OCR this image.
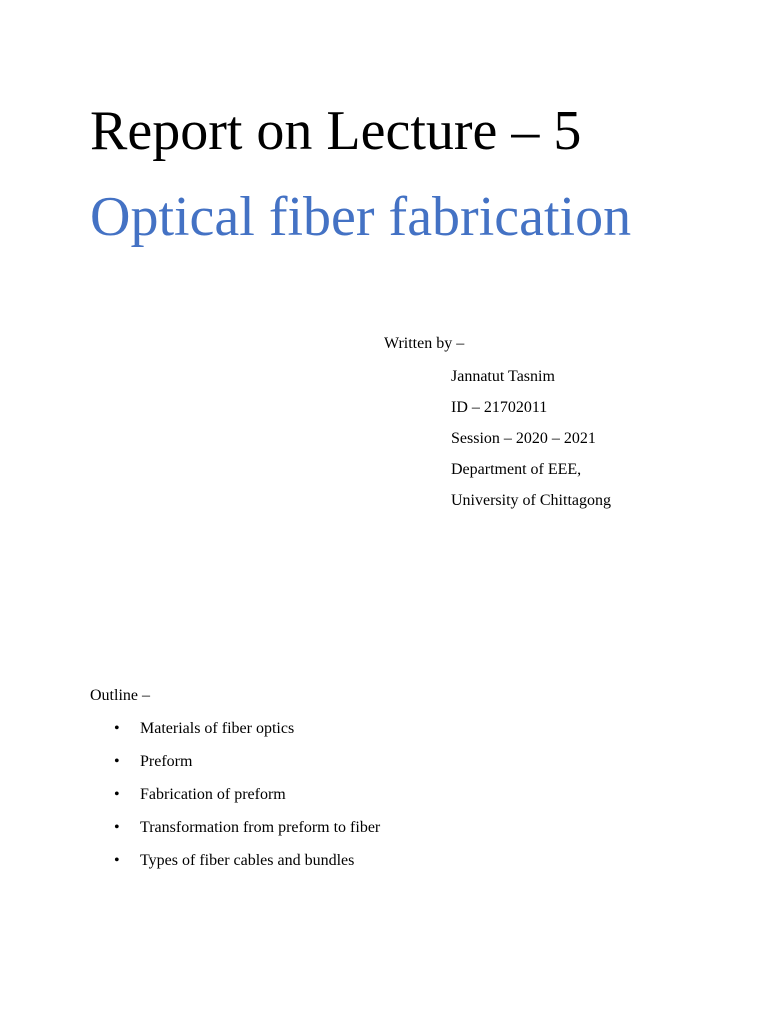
Report on Lecture – 5
Optical fiber fabrication
Written by –
Jannatut Tasnim
ID – 21702011
Session – 2020 – 2021
Department of EEE,
University of Chittagong
Outline –
•	Materials of fiber optics
•	Preform
•	Fabrication of preform
•	Transformation from preform to fiber
•	Types of fiber cables and bundles
